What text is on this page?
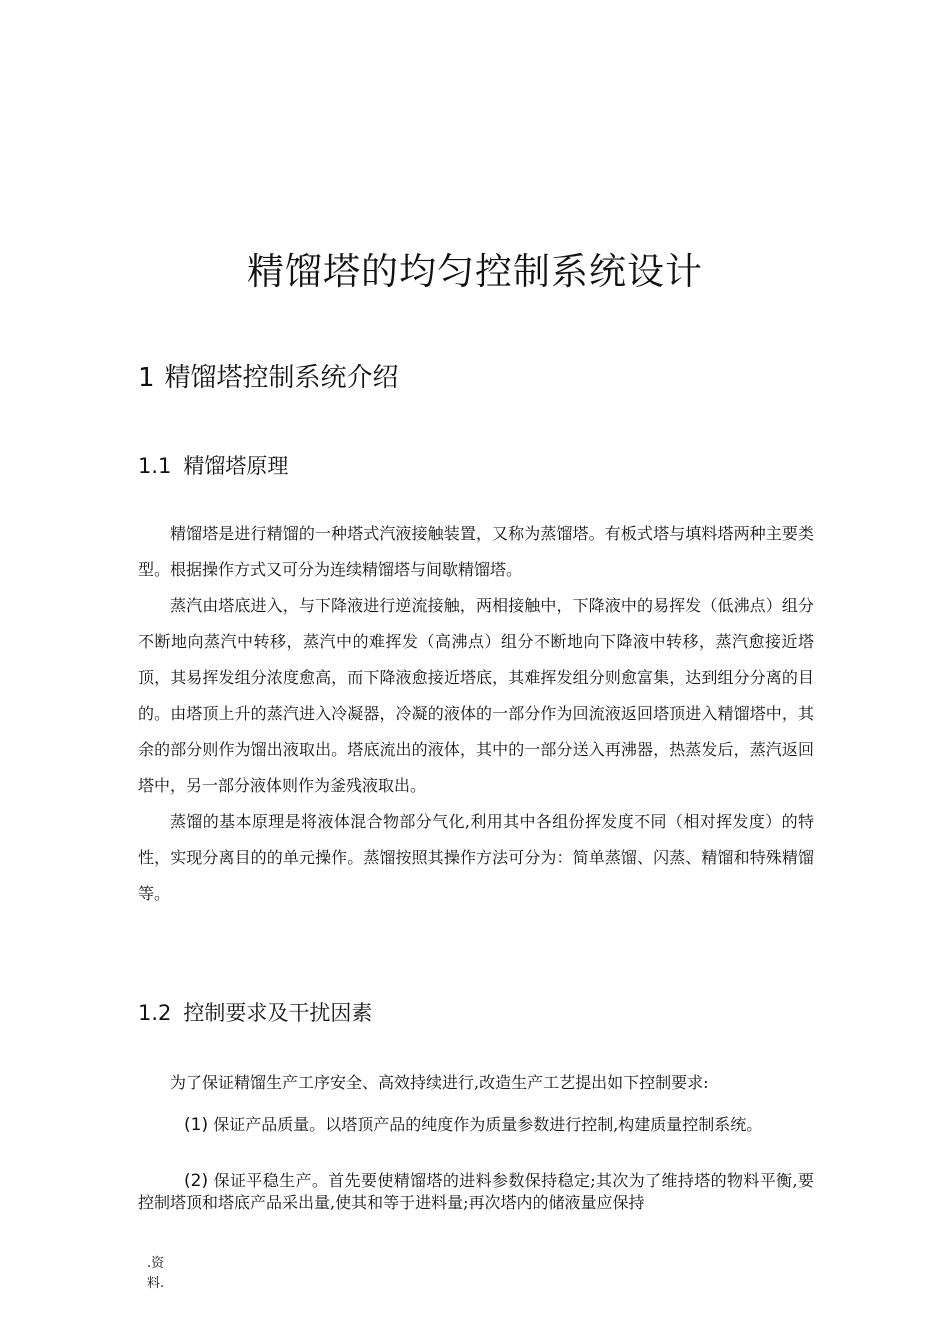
精馏塔的均匀控制系统设计
1 精馏塔控制系统介绍
1.1 精馏塔原理

精馏塔是进行精馏的一种塔式汽液接触装置，又称为蒸馏塔。有板式塔与填料塔两种主要类型。根据操作方式又可分为连续精馏塔与间歇精馏塔。

蒸汽由塔底进入，与下降液进行逆流接触，两相接触中，下降液中的易挥发（低沸点）组分不断地向蒸汽中转移，蒸汽中的难挥发（高沸点）组分不断地向下降液中转移，蒸汽愈接近塔顶，其易挥发组分浓度愈高，而下降液愈接近塔底，其难挥发组分则愈富集，达到组分分离的目的。由塔顶上升的蒸汽进入冷凝器，冷凝的液体的一部分作为回流液返回塔顶进入精馏塔中，其余的部分则作为馏出液取出。塔底流出的液体，其中的一部分送入再沸器，热蒸发后，蒸汽返回塔中，另一部分液体则作为釜残液取出。

蒸馏的基本原理是将液体混合物部分气化,利用其中各组份挥发度不同（相对挥发度）的特性，实现分离目的的单元操作。蒸馏按照其操作方法可分为：简单蒸馏、闪蒸、精馏和特殊精馏等。

1.2 控制要求及干扰因素

为了保证精馏生产工序安全、高效持续进行,改造生产工艺提出如下控制要求:

(1) 保证产品质量。以塔顶产品的纯度作为质量参数进行控制,构建质量控制系统。
(2) 保证平稳生产。首先要使精馏塔的进料参数保持稳定;其次为了维持塔的物料平衡,要控制塔顶和塔底产品采出量,使其和等于进料量;再次塔内的储液量应保持
.资
料.
